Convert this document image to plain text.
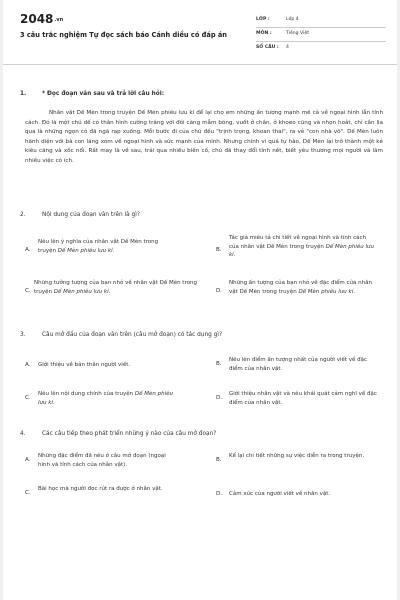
2048.vn
3 câu trắc nghiệm Tự đọc sách báo Cánh diều có đáp án
LỚP :	Lớp 4
MÔN :	Tiếng Việt
SỐ CÂU : 4
1.	* Đọc đoạn văn sau và trả lời câu hỏi:
Nhân vật Dế Mèn trong truyện Dế Mèn phiêu lưu kí để lại cho em những ấn tượng mạnh mẽ cả về ngoại hình lẫn tính cách. Đó là một chú dế có thân hình cường tráng với đôi càng mẫm bóng, vuốt ở chân, ở khoeo cũng và nhọn hoắt, chỉ cần lia qua là những ngọn cỏ đã ngã rạp xuống. Mỗi bước đi của chú đều "trịnh trọng, khoan thai", ra vẻ "con nhà võ". Dế Mèn luôn hãnh diện với bà con láng xóm về ngoại hình và sức mạnh của mình. Nhưng chính vì quá tự hào, Dế Mèn lại trở thành một kẻ kiêu căng và xốc nổi. Rất may là về sau, trải qua nhiều biến cố, chú đã thay đổi tính nết, biết yêu thương mọi người và làm nhiều việc có ích.
2.	Nội dung của đoạn văn trên là gì?
A.
Nêu lên ý nghĩa của nhân vật Dế Mèn trong truyện Dế Mèn phiêu lưu kí.	B.
Tác giả miêu tả chi tiết về ngoại hình và tính cách của nhân vật Dế Mèn trong truyện Dế Mèn phiêu lưu kí.
C.
Những tưởng tượng của bạn nhỏ về nhân vật Dế Mèn trong truyện Dế Mèn phiêu lưu kí.	D.
Những ấn tượng của bạn nhỏ về đặc điểm của nhân vật Dế Mèn trong truyện Dế Mèn phiêu lưu kí.
3.	Câu mở đầu của đoạn văn trên (câu mở đoạn) có tác dụng gì?
A. Giới thiệu về bản thân người viết.	B.
Nêu lên điểm ấn tượng nhất của người viết về đặc điểm của nhân vật.
C.
Nêu lên nội dung chính của truyện Dế Mèn phiêu lưu kí.
D.
Giới thiệu nhân vật và nêu khái quát cảm nghĩ về đặc điểm của nhân vật.
4.	Các câu tiếp theo phát triển những ý nào của câu mở đoạn?
A.
Những đặc điểm đã nêu ở câu mở đoạn (ngoại hình và tính cách của nhân vật).
B.
Kể lại chi tiết những sự việc diễn ra trong truyện.
C.
Bài học mà người đọc rút ra được ở nhân vật.
D. Cảm xúc của người viết về nhân vật.
